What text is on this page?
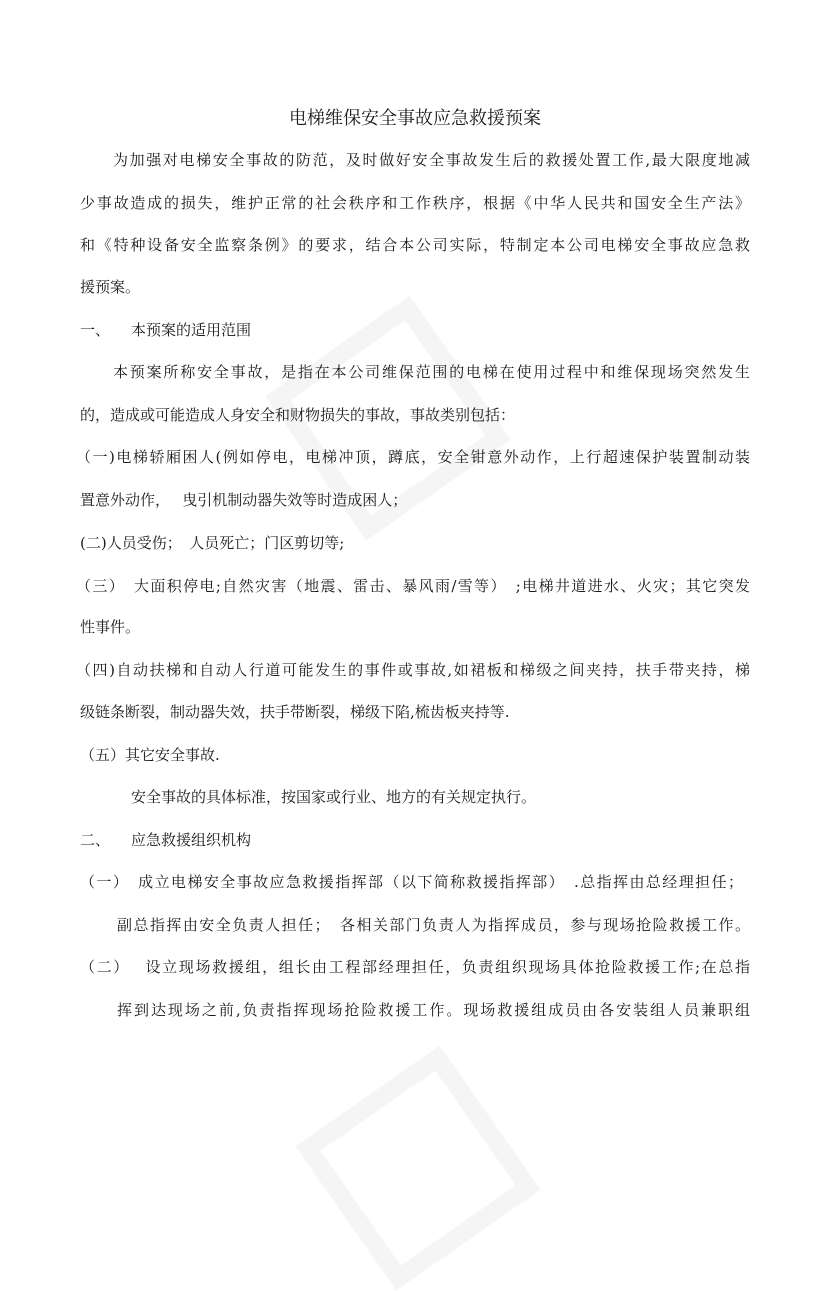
电梯维保安全事故应急救援预案
为加强对电梯安全事故的防范，及时做好安全事故发生后的救援处置工作,最大限度地减
少事故造成的损失，维护正常的社会秩序和工作秩序，根据《中华人民共和国安全生产法》
和《特种设备安全监察条例》的要求，结合本公司实际，特制定本公司电梯安全事故应急救
援预案。
一、 本预案的适用范围
本预案所称安全事故，是指在本公司维保范围的电梯在使用过程中和维保现场突然发生
的，造成或可能造成人身安全和财物损失的事故，事故类别包括：
（一)电梯轿厢困人(例如停电，电梯冲顶，蹲底，安全钳意外动作，上行超速保护装置制动装
置意外动作，　 曳引机制动器失效等时造成困人；
(二)人员受伤；　人员死亡；门区剪切等;
（三）　大面积停电;自然灾害（地震、雷击、暴风雨/雪等）　;电梯井道进水、火灾；其它突发
性事件。
（四)自动扶梯和自动人行道可能发生的事件或事故,如裙板和梯级之间夹持，扶手带夹持，梯
级链条断裂，制动器失效，扶手带断裂，梯级下陷,梳齿板夹持等.
（五）其它安全事故.
安全事故的具体标准，按国家或行业、地方的有关规定执行。
二、 应急救援组织机构
（一）　成立电梯安全事故应急救援指挥部（以下简称救援指挥部）　.总指挥由总经理担任；
副总指挥由安全负责人担任；　各相关部门负责人为指挥成员，参与现场抢险救援工作。
（二）　 设立现场救援组，组长由工程部经理担任，负责组织现场具体抢险救援工作;在总指
挥到达现场之前,负责指挥现场抢险救援工作。现场救援组成员由各安装组人员兼职组
